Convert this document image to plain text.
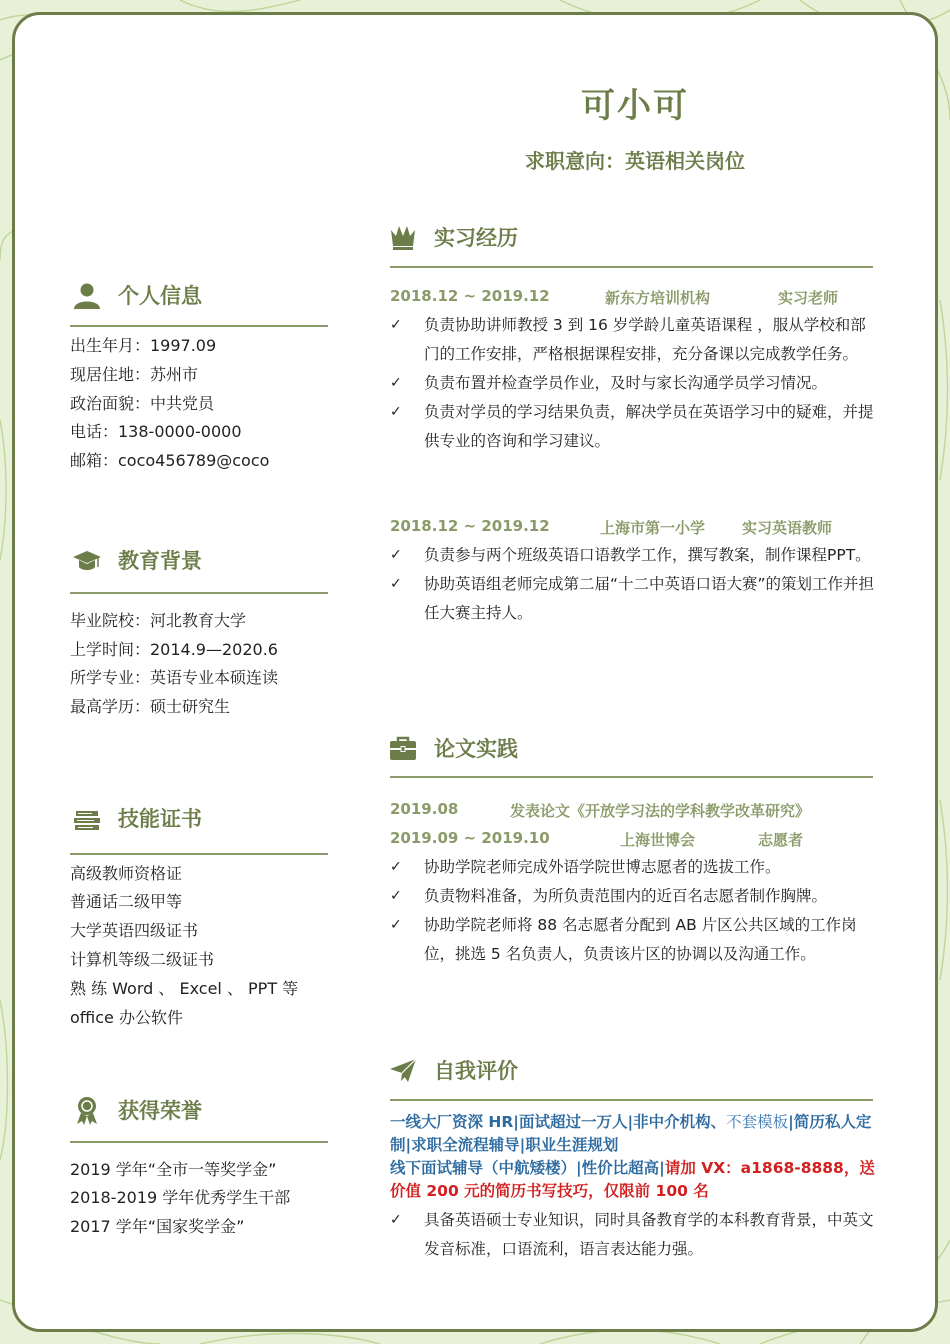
可小可
求职意向：英语相关岗位
个人信息
出生年月：1997.09
现居住地：苏州市
政治面貌：中共党员
电话：138-0000-0000
邮箱：coco456789@coco
教育背景
毕业院校：河北教育大学
上学时间：2014.9—2020.6
所学专业：英语专业本硕连读
最高学历：硕士研究生
技能证书
高级教师资格证
普通话二级甲等
大学英语四级证书
计算机等级二级证书
熟 练 Word 、 Excel 、 PPT 等
office 办公软件
获得荣誉
2019 学年“全市一等奖学金”
2018-2019 学年优秀学生干部
2017 学年“国家奖学金”
实习经历
2018.12 ~ 2019.12	新东方培训机构	实习老师
✓ 负责协助讲师教授 3 到 16 岁学龄儿童英语课程 ，服从学校和部门的工作安排，严格根据课程安排，充分备课以完成教学任务。
✓ 负责布置并检查学员作业，及时与家长沟通学员学习情况。
✓ 负责对学员的学习结果负责，解决学员在英语学习中的疑难，并提供专业的咨询和学习建议。
2018.12 ~ 2019.12	上海市第一小学 实习英语教师
✓ 负责参与两个班级英语口语教学工作，撰写教案，制作课程PPT。
✓ 协助英语组老师完成第二届“十二中英语口语大赛”的策划工作并担任大赛主持人。
论文实践
2019.08	发表论文《开放学习法的学科教学改革研究》
2019.09 ~ 2019.10	上海世博会	志愿者
✓ 协助学院老师完成外语学院世博志愿者的选拔工作。
✓ 负责物料准备，为所负责范围内的近百名志愿者制作胸牌。
✓ 协助学院老师将 88 名志愿者分配到 AB 片区公共区域的工作岗位，挑选 5 名负责人，负责该片区的协调以及沟通工作。
自我评价
一线大厂资深 HR|面试超过一万人|非中介机构、不套模板|简历私人定制|求职全流程辅导|职业生涯规划
线下面试辅导（中航矮楼）|性价比超高|请加 VX：a1868-8888，送价值 200 元的简历书写技巧，仅限前 100 名
✓ 具备英语硕士专业知识，同时具备教育学的本科教育背景，中英文发音标准，口语流利，语言表达能力强。
